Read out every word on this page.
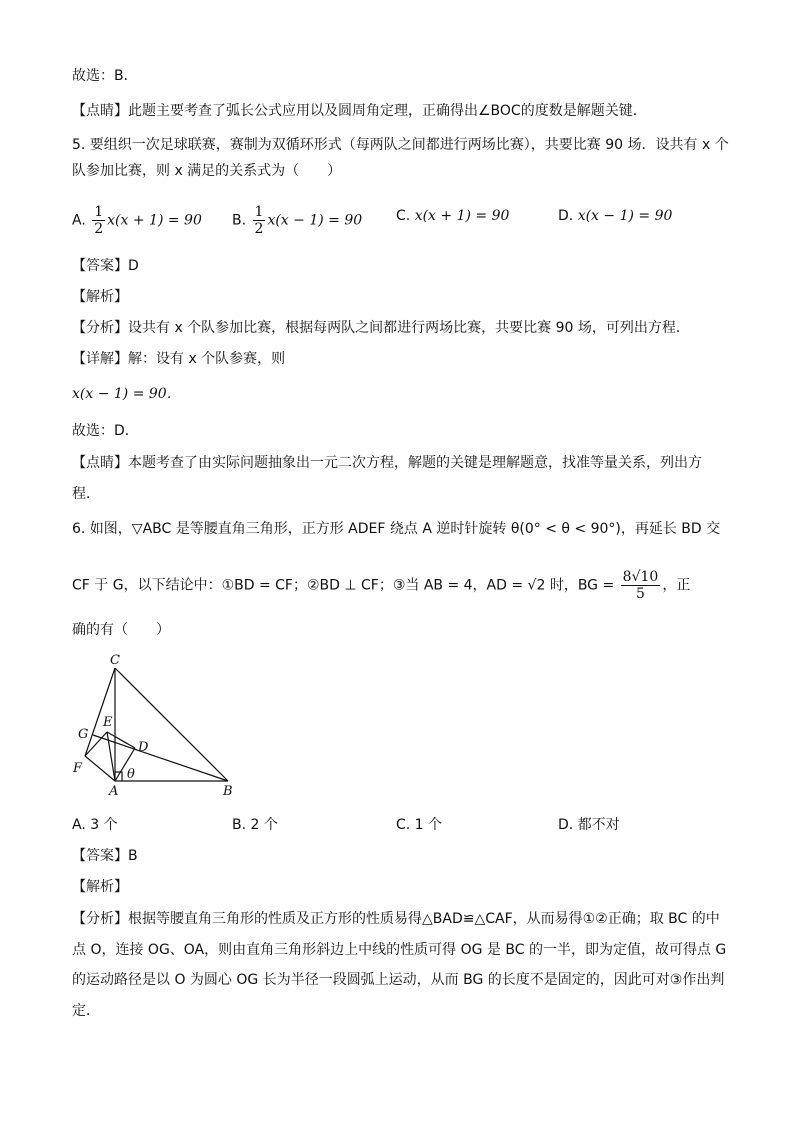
故选：B．
【点睛】此题主要考查了弧长公式应用以及圆周角定理，正确得出∠BOC的度数是解题关键．
5. 要组织一次足球联赛，赛制为双循环形式（每两队之间都进行两场比赛），共要比赛 90 场．设共有 x 个
队参加比赛，则 x 满足的关系式为（　　）
A. $\frac{1}{2} x(x + 1) = 90$ B. $\frac{1}{2} x(x - 1) = 90$ C. x(x + 1) = 90	D. x(x − 1) = 90
【答案】D
【解析】
【分析】设共有 x 个队参加比赛，根据每两队之间都进行两场比赛，共要比赛 90 场，可列出方程．
【详解】解：设有 x 个队参赛，则
x(x − 1) = 90．
故选：D．
【点睛】本题考查了由实际问题抽象出一元二次方程，解题的关键是理解题意，找准等量关系，列出方
程．
6. 如图，▽ABC 是等腰直角三角形，正方形 ADEF 绕点 A 逆时针旋转 θ(0° < θ < 90°)，再延长 BD 交
CF 于 G，以下结论中：①BD = CF；②BD ⊥ CF；③当 AB = 4，AD = √2 时，BG = $\frac{8√10}{5}$ ，正
确的有（　　）
C
E
G
D
F	θ
A	B
A. 3 个	B. 2 个	C. 1 个	D. 都不对
【答案】B
【解析】
【分析】根据等腰直角三角形的性质及正方形的性质易得△BAD≌△CAF，从而易得①②正确；取 BC 的中
点 O，连接 OG、OA，则由直角三角形斜边上中线的性质可得 OG 是 BC 的一半，即为定值，故可得点 G
的运动路径是以 O 为圆心 OG 长为半径一段圆弧上运动，从而 BG 的长度不是固定的，因此可对③作出判
定．
